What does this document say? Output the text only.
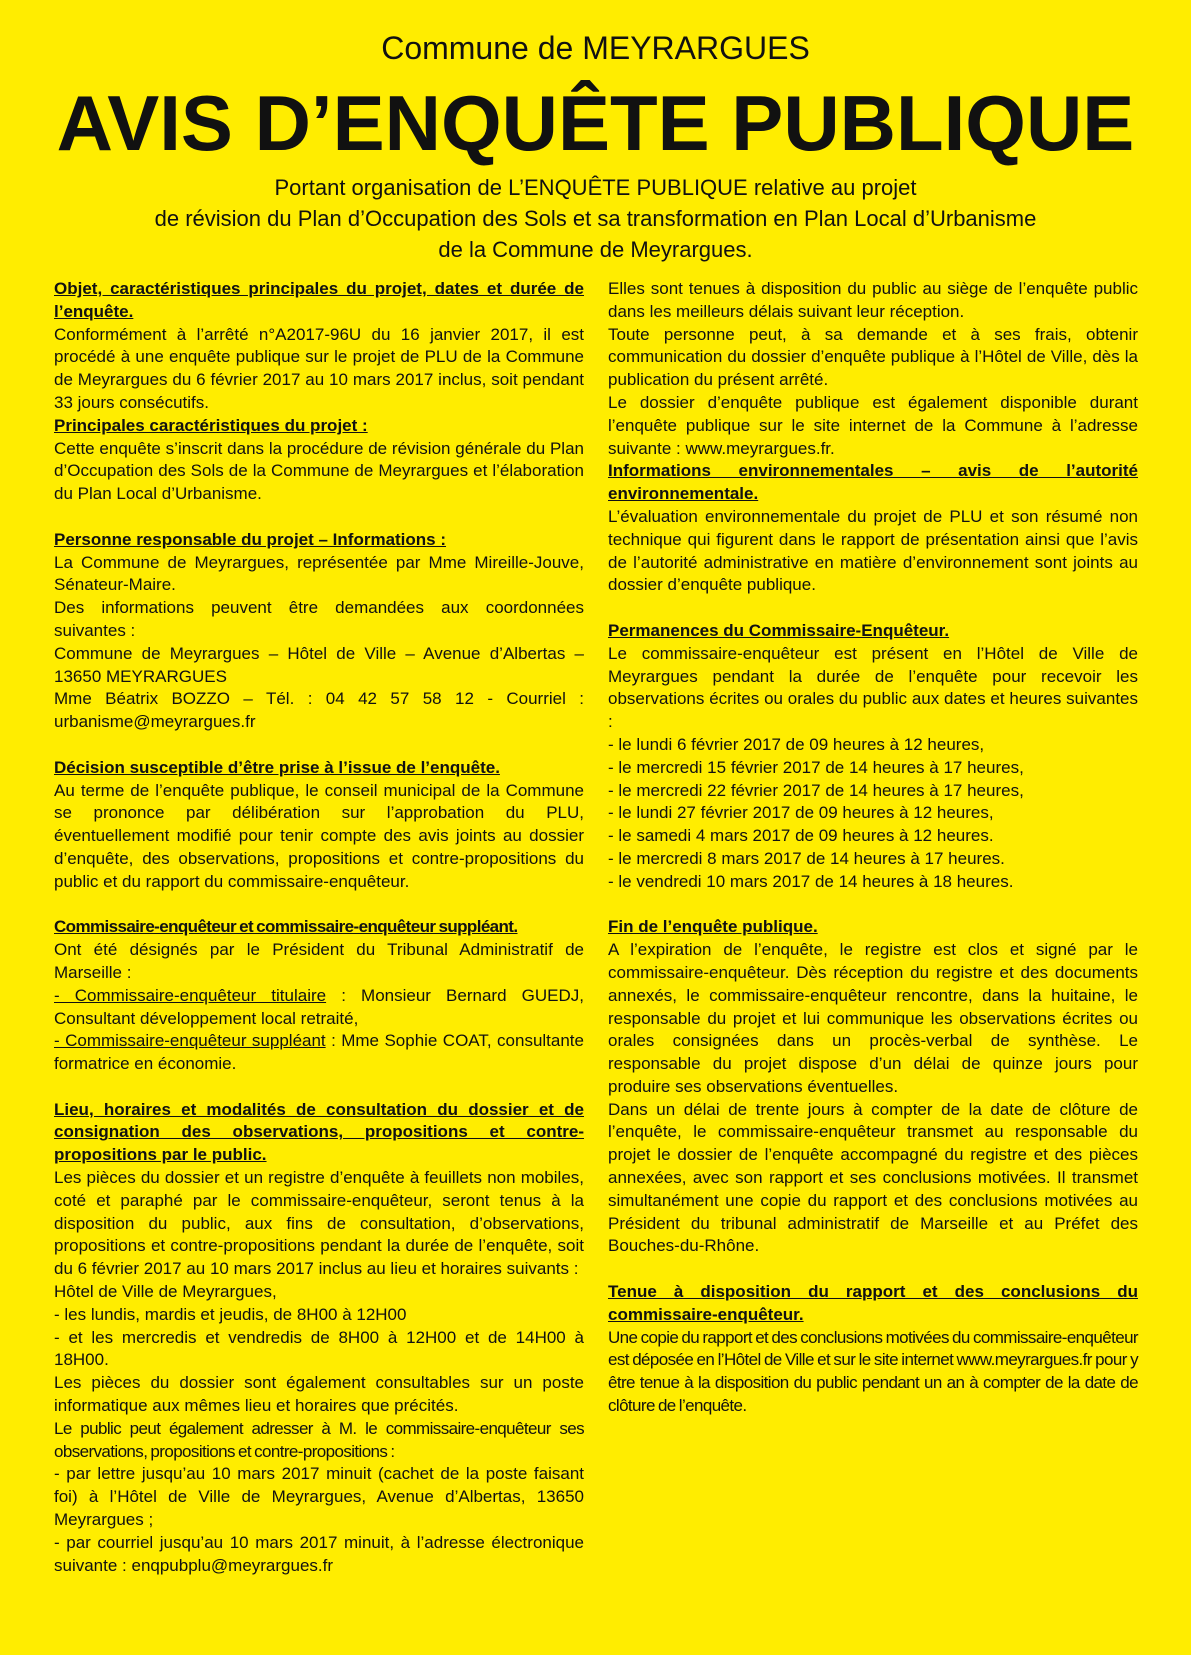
Commune de MEYRARGUES
AVIS D’ENQUÊTE PUBLIQUE
Portant organisation de L’ENQUÊTE PUBLIQUE relative au projet
de révision du Plan d’Occupation des Sols et sa transformation en Plan Local d’Urbanisme
de la Commune de Meyrargues.

Objet, caractéristiques principales du projet, dates et durée de l’enquête.

Conformément à l’arrêté n°A2017-96U du 16 janvier 2017, il est procédé à une enquête publique sur le projet de PLU de la Commune de Meyrargues du 6 février 2017 au 10 mars 2017 inclus, soit pendant 33 jours consécutifs.

Principales caractéristiques du projet :

Cette enquête s’inscrit dans la procédure de révision générale du Plan d’Occupation des Sols de la Commune de Meyrargues et l’élaboration du Plan Local d’Urbanisme.

Personne responsable du projet – Informations :

La Commune de Meyrargues, représentée par Mme Mireille-Jouve, Sénateur-Maire.

Des informations peuvent être demandées aux coordonnées suivantes :

Commune de Meyrargues – Hôtel de Ville – Avenue d’Albertas – 13650 MEYRARGUES

Mme Béatrix BOZZO – Tél. : 04 42 57 58 12 - Courriel : urbanisme@meyrargues.fr

Décision susceptible d’être prise à l’issue de l’enquête.

Au terme de l’enquête publique, le conseil municipal de la Commune se prononce par délibération sur l’approbation du PLU, éventuellement modifié pour tenir compte des avis joints au dossier d’enquête, des observations, propositions et contre-propositions du public et du rapport du commissaire-enquêteur.

Commissaire-enquêteur et commissaire-enquêteur suppléant.

Ont été désignés par le Président du Tribunal Administratif de Marseille :

- Commissaire-enquêteur titulaire : Monsieur Bernard GUEDJ, Consultant développement local retraité,

- Commissaire-enquêteur suppléant : Mme Sophie COAT, consultante formatrice en économie.

Lieu, horaires et modalités de consultation du dossier et de consignation des observations, propositions et contre-propositions par le public.

Les pièces du dossier et un registre d’enquête à feuillets non mobiles, coté et paraphé par le commissaire-enquêteur, seront tenus à la disposition du public, aux fins de consultation, d’observations, propositions et contre-propositions pendant la durée de l’enquête, soit du 6 février 2017 au 10 mars 2017 inclus au lieu et horaires suivants :

Hôtel de Ville de Meyrargues,

- les lundis, mardis et jeudis, de 8H00 à 12H00

- et les mercredis et vendredis de 8H00 à 12H00 et de 14H00 à 18H00.

Les pièces du dossier sont également consultables sur un poste informatique aux mêmes lieu et horaires que précités.

Le public peut également adresser à M. le commissaire-enquêteur ses observations, propositions et contre-propositions :

- par lettre jusqu’au 10 mars 2017 minuit (cachet de la poste faisant foi) à l’Hôtel de Ville de Meyrargues, Avenue d’Albertas, 13650 Meyrargues ;

- par courriel jusqu’au 10 mars 2017 minuit, à l’adresse électronique suivante : enqpubplu@meyrargues.fr

Elles sont tenues à disposition du public au siège de l’enquête public dans les meilleurs délais suivant leur réception.

Toute personne peut, à sa demande et à ses frais, obtenir communication du dossier d’enquête publique à l’Hôtel de Ville, dès la publication du présent arrêté.

Le dossier d’enquête publique est également disponible durant l’enquête publique sur le site internet de la Commune à l’adresse suivante : www.meyrargues.fr.

Informations environnementales – avis de l’autorité environnementale.

L’évaluation environnementale du projet de PLU et son résumé non technique qui figurent dans le rapport de présentation ainsi que l’avis de l’autorité administrative en matière d’environnement sont joints au dossier d’enquête publique.

Permanences du Commissaire-Enquêteur.

Le commissaire-enquêteur est présent en l’Hôtel de Ville de Meyrargues pendant la durée de l’enquête pour recevoir les observations écrites ou orales du public aux dates et heures suivantes :

- le lundi 6 février 2017 de 09 heures à 12 heures,

- le mercredi 15 février 2017 de 14 heures à 17 heures,

- le mercredi 22 février 2017 de 14 heures à 17 heures,

- le lundi 27 février 2017 de 09 heures à 12 heures,

- le samedi 4 mars 2017 de 09 heures à 12 heures.

- le mercredi 8 mars 2017 de 14 heures à 17 heures.

- le vendredi 10 mars 2017 de 14 heures à 18 heures.

Fin de l’enquête publique.

A l’expiration de l’enquête, le registre est clos et signé par le commissaire-enquêteur. Dès réception du registre et des documents annexés, le commissaire-enquêteur rencontre, dans la huitaine, le responsable du projet et lui communique les observations écrites ou orales consignées dans un procès-verbal de synthèse. Le responsable du projet dispose d’un délai de quinze jours pour produire ses observations éventuelles.

Dans un délai de trente jours à compter de la date de clôture de l’enquête, le commissaire-enquêteur transmet au responsable du projet le dossier de l’enquête accompagné du registre et des pièces annexées, avec son rapport et ses conclusions motivées. Il transmet simultanément une copie du rapport et des conclusions motivées au Président du tribunal administratif de Marseille et au Préfet des Bouches-du-Rhône.

Tenue à disposition du rapport et des conclusions du commissaire-enquêteur.

Une copie du rapport et des conclusions motivées du commissaire-enquêteur est déposée en l’Hôtel de Ville et sur le site internet www.meyrargues.fr pour y être tenue à la disposition du public pendant un an à compter de la date de clôture de l’enquête.
